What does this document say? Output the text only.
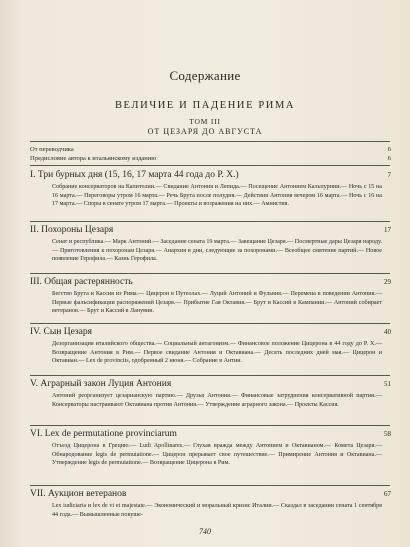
Содержание
ВЕЛИЧИЕ И ПАДЕНИЕ РИМА
ТОМ III
ОТ ЦЕЗАРЯ ДО АВГУСТА
От переводчика	6
Предисловие автора к итальянскому изданию	6
I. Три бурных дня (15, 16, 17 марта 44 года до Р. Х.)	7

Собрание консерваторов на Капитолии.— Свидание Антония и Лепида.— Посещение Антонием Кальпурнии.— Ночь с 15 на 16 марта.— Переговоры утром 16 марта.— Речь Брута после полудня.— Действия Антония вечером 16 марта.— Ночь с 16 на 17 марта.— Споры в сенате утром 17 марта.— Проекты и возражения на них.— Амнистия.

II. Похороны Цезаря	17

Сенат и республика.— Марк Антоний.— Заседание сената 19 марта.— Завещание Цезаря.— Посмертные дары Цезаря народу.— Приготовления к похоронам Цезаря.— Анархия в дни, следующие за похоронами.— Всеобщее смятение партий.— Новое появление Герофила.— Казнь Герофила.

III. Общая растерянность	29

Бегство Брута и Кассия из Рима.— Цицерон в Путеолах.— Луций Антоний и Фульвия.— Перемена в поведении Антония.— Первые фальсификации распоряжений Цезаря.— Прибытие Гая Октавия.— Брут и Кассий в Кампании.— Антоний собирает ветеранов.— Брут и Кассий в Ланувии.

IV. Сын Цезаря	40

Дезорганизация италийского общества.— Социальный антагонизм.— Финансовое положение Цицерона в 44 году до Р. Х.— Возвращение Антония в Рим.— Первое свидание Антония и Октавиана.— Десять последних дней мая.— Цицерон и Октавиан.— Lex de provinciis, одобренный 2 июня.— Собрание в Антии.

V. Аграрный закон Луция Антония	51

Антоний реорганизует цезарианскую партию.— Друзья Антония.— Финансовые затруднения консервативной партии.— Консерваторы настраивают Октавиана против Антония.— Утверждение аграрного закона.— Проекты Кассия.

VI. Lex de permutatione provinciarum	58

Отъезд Цицерона в Грецию.— Ludi Apollinares.— Глухая вражда между Антонием и Октавианом.— Комета Цезаря.— Обнародование legis de permutatione.— Цицерон прерывает свое путешествие.— Примирение Антония и Октавиана.— Утверждение legis de permutatione.— Возвращение Цицерона в Рим.

VII. Аукцион ветеранов	67

Lex iudiciaria и lex de vi et majestate.— Экономический и моральный кризис Италии.— Сказдал в заседании сената 1 сентября 44 года.— Вымышленные покуше-

740
